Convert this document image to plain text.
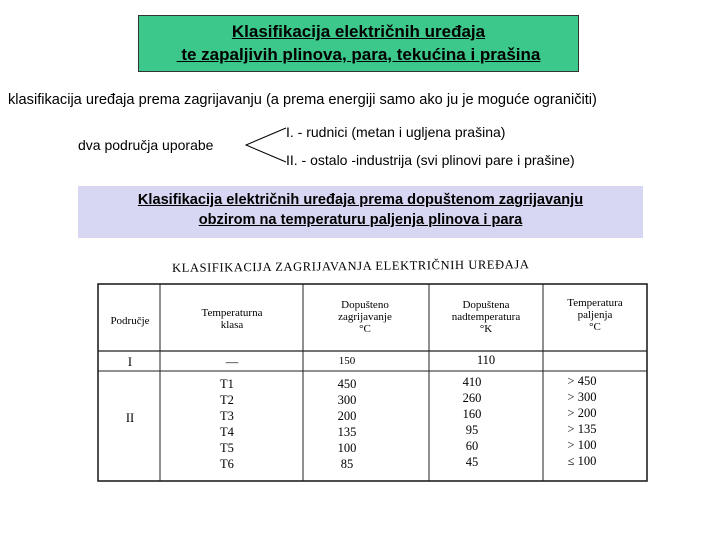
Klasifikacija električnih uređaja
te zapaljivih plinova, para, tekućina i prašina
klasifikacija uređaja prema zagrijavanju (a prema energiji samo ako ju je moguće ograničiti)
dva područja uporabe
I. - rudnici (metan i ugljena prašina)
II. - ostalo -industrija (svi plinovi pare i prašine)
Klasifikacija električnih uređaja prema dopuštenom zagrijavanju
obzirom na temperaturu paljenja plinova i para
KLASIFIKACIJA ZAGRIJAVANJA ELEKTRIČNIH UREĐAJA
Područje
Temperaturna
klasa
Dopušteno
zagrijavanje
°C
Dopuštena
nadtemperatura
°K
Temperatura
paljenja
°C
I	—	150	110
II
T1	450	410	> 450
T2	300	260	> 300
T3	200	160	> 200
T4	135	95	> 135
T5	100	60	> 100
T6	85	45	≤ 100
